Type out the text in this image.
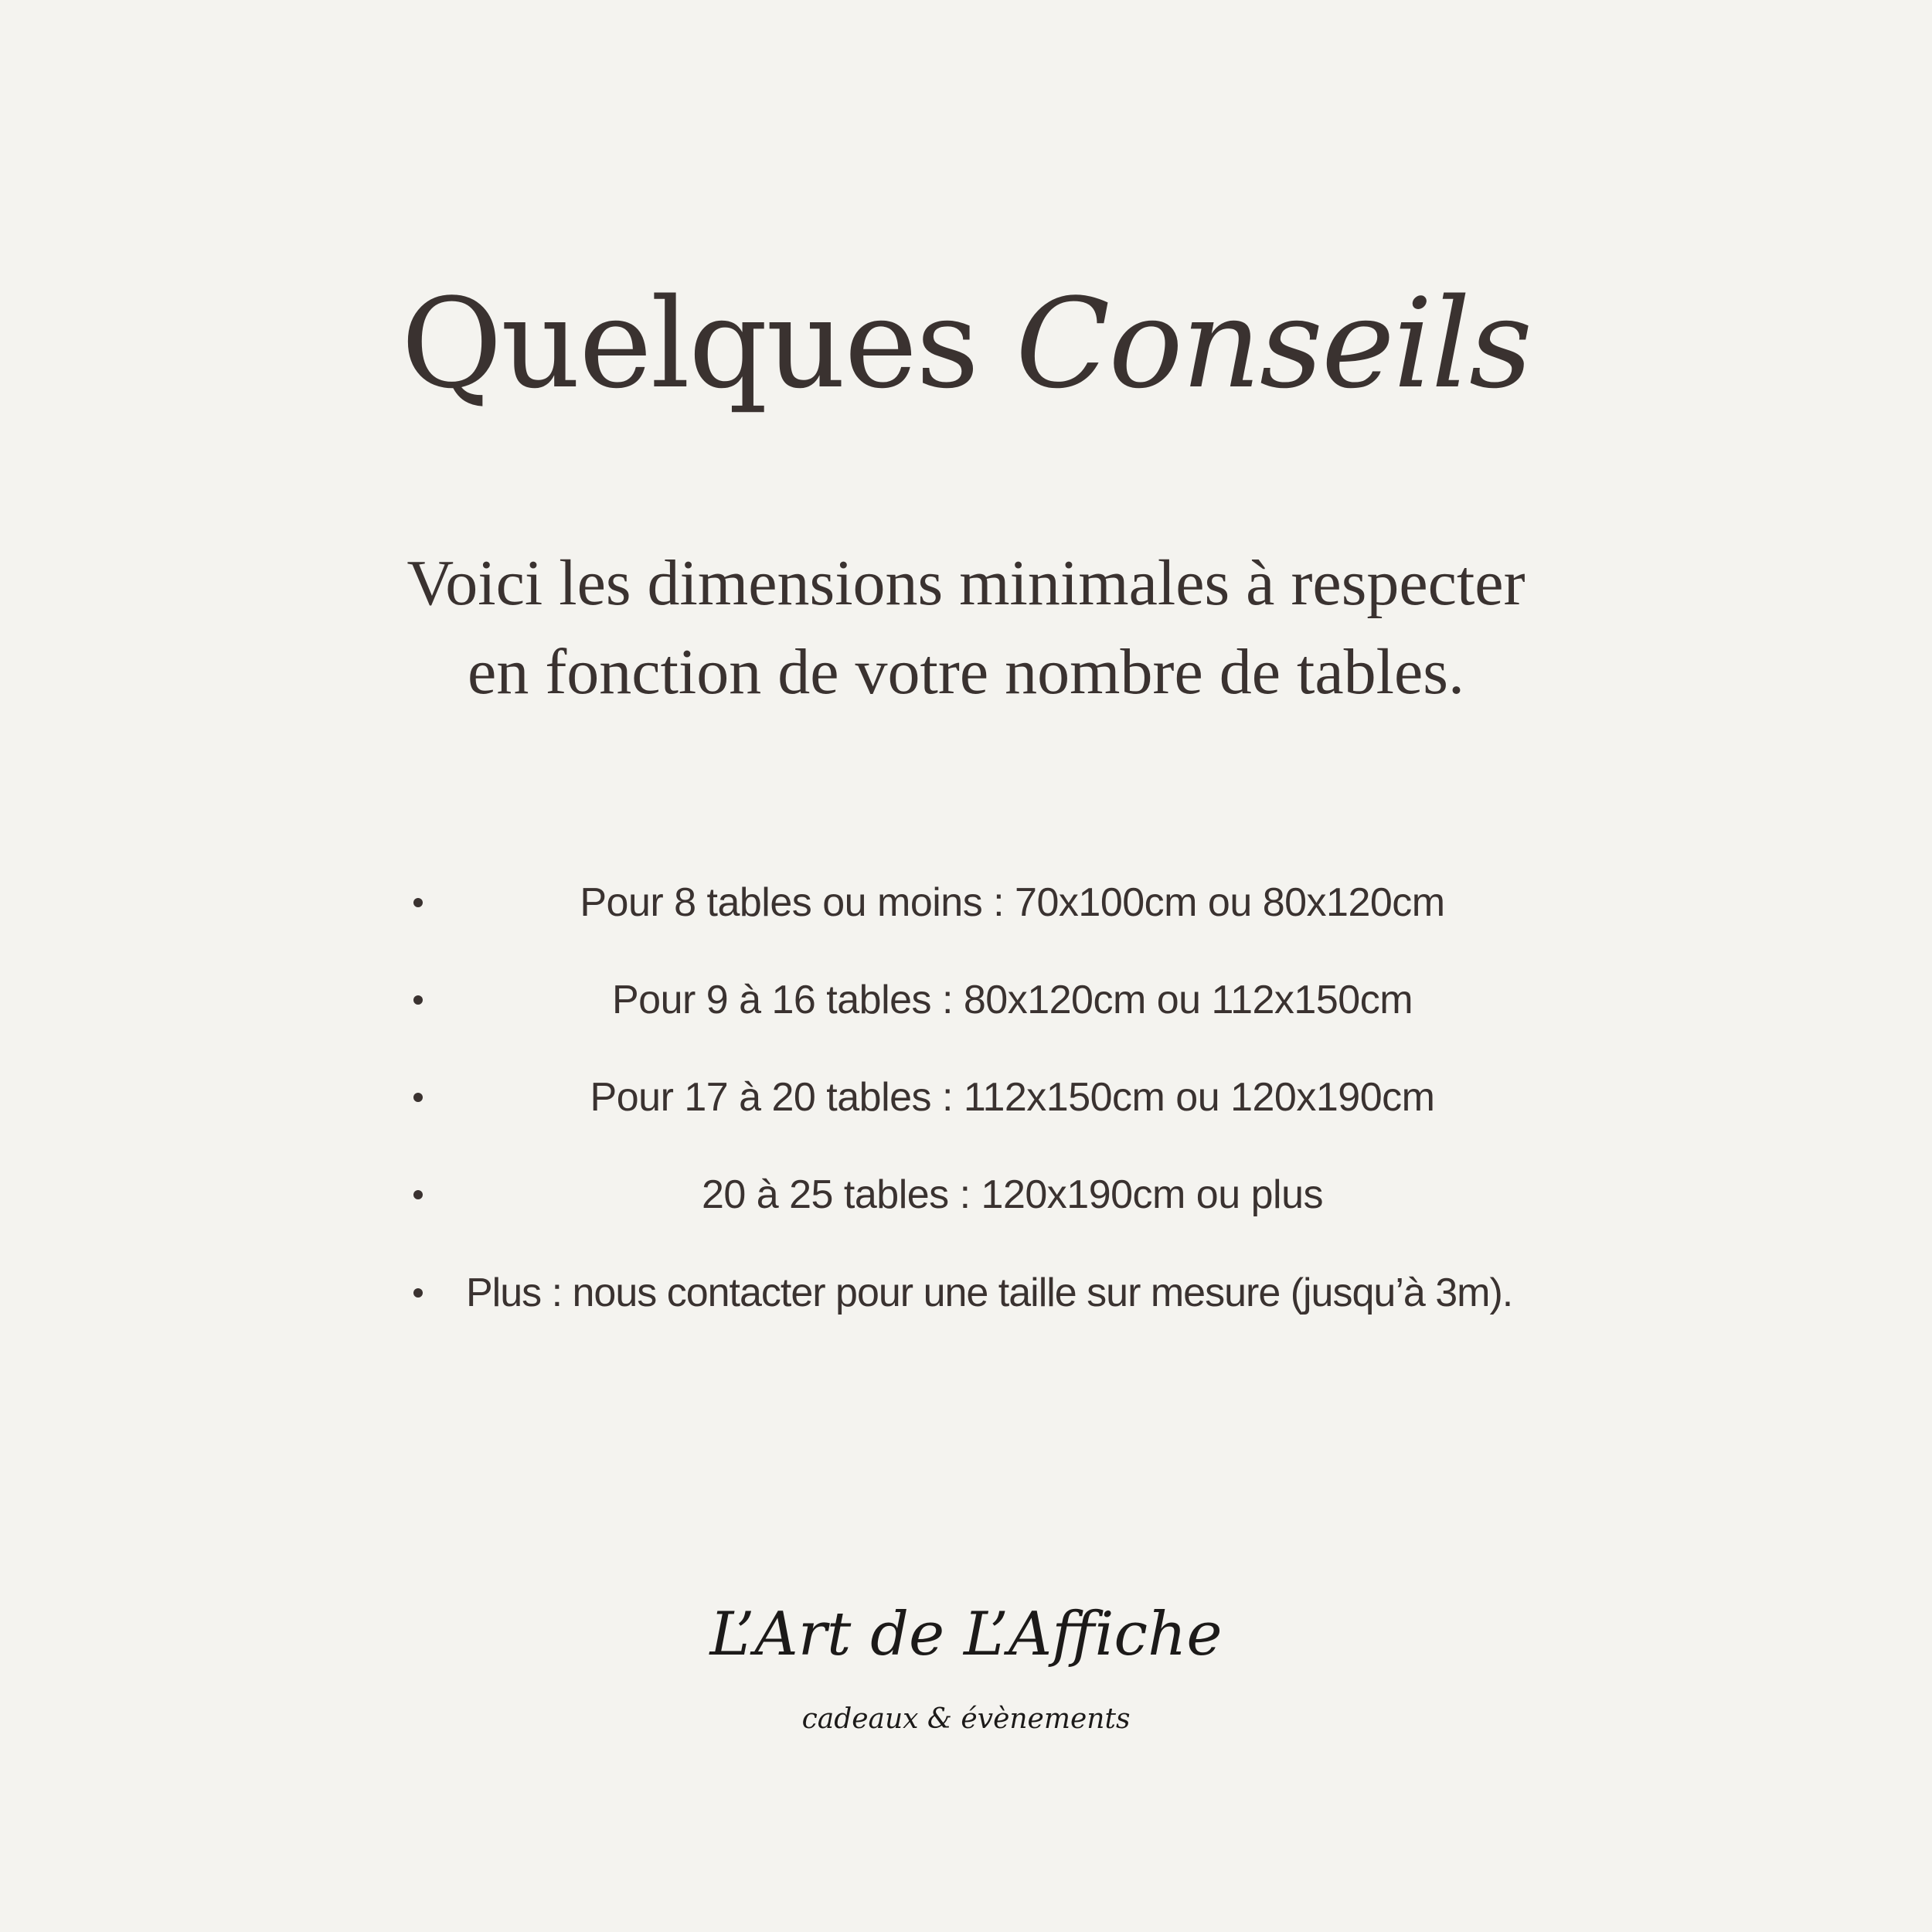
Quelques Conseils

Voici les dimensions minimales à respecter

en fonction de votre nombre de tables.

Pour 8 tables ou moins : 70x100cm ou 80x120cm
Pour 9 à 16 tables : 80x120cm ou 112x150cm
Pour 17 à 20 tables : 112x150cm ou 120x190cm
20 à 25 tables : 120x190cm ou plus
Plus : nous contacter pour une taille sur mesure (jusqu’à 3m).

L’Art de L’Affiche

cadeaux & évènements
